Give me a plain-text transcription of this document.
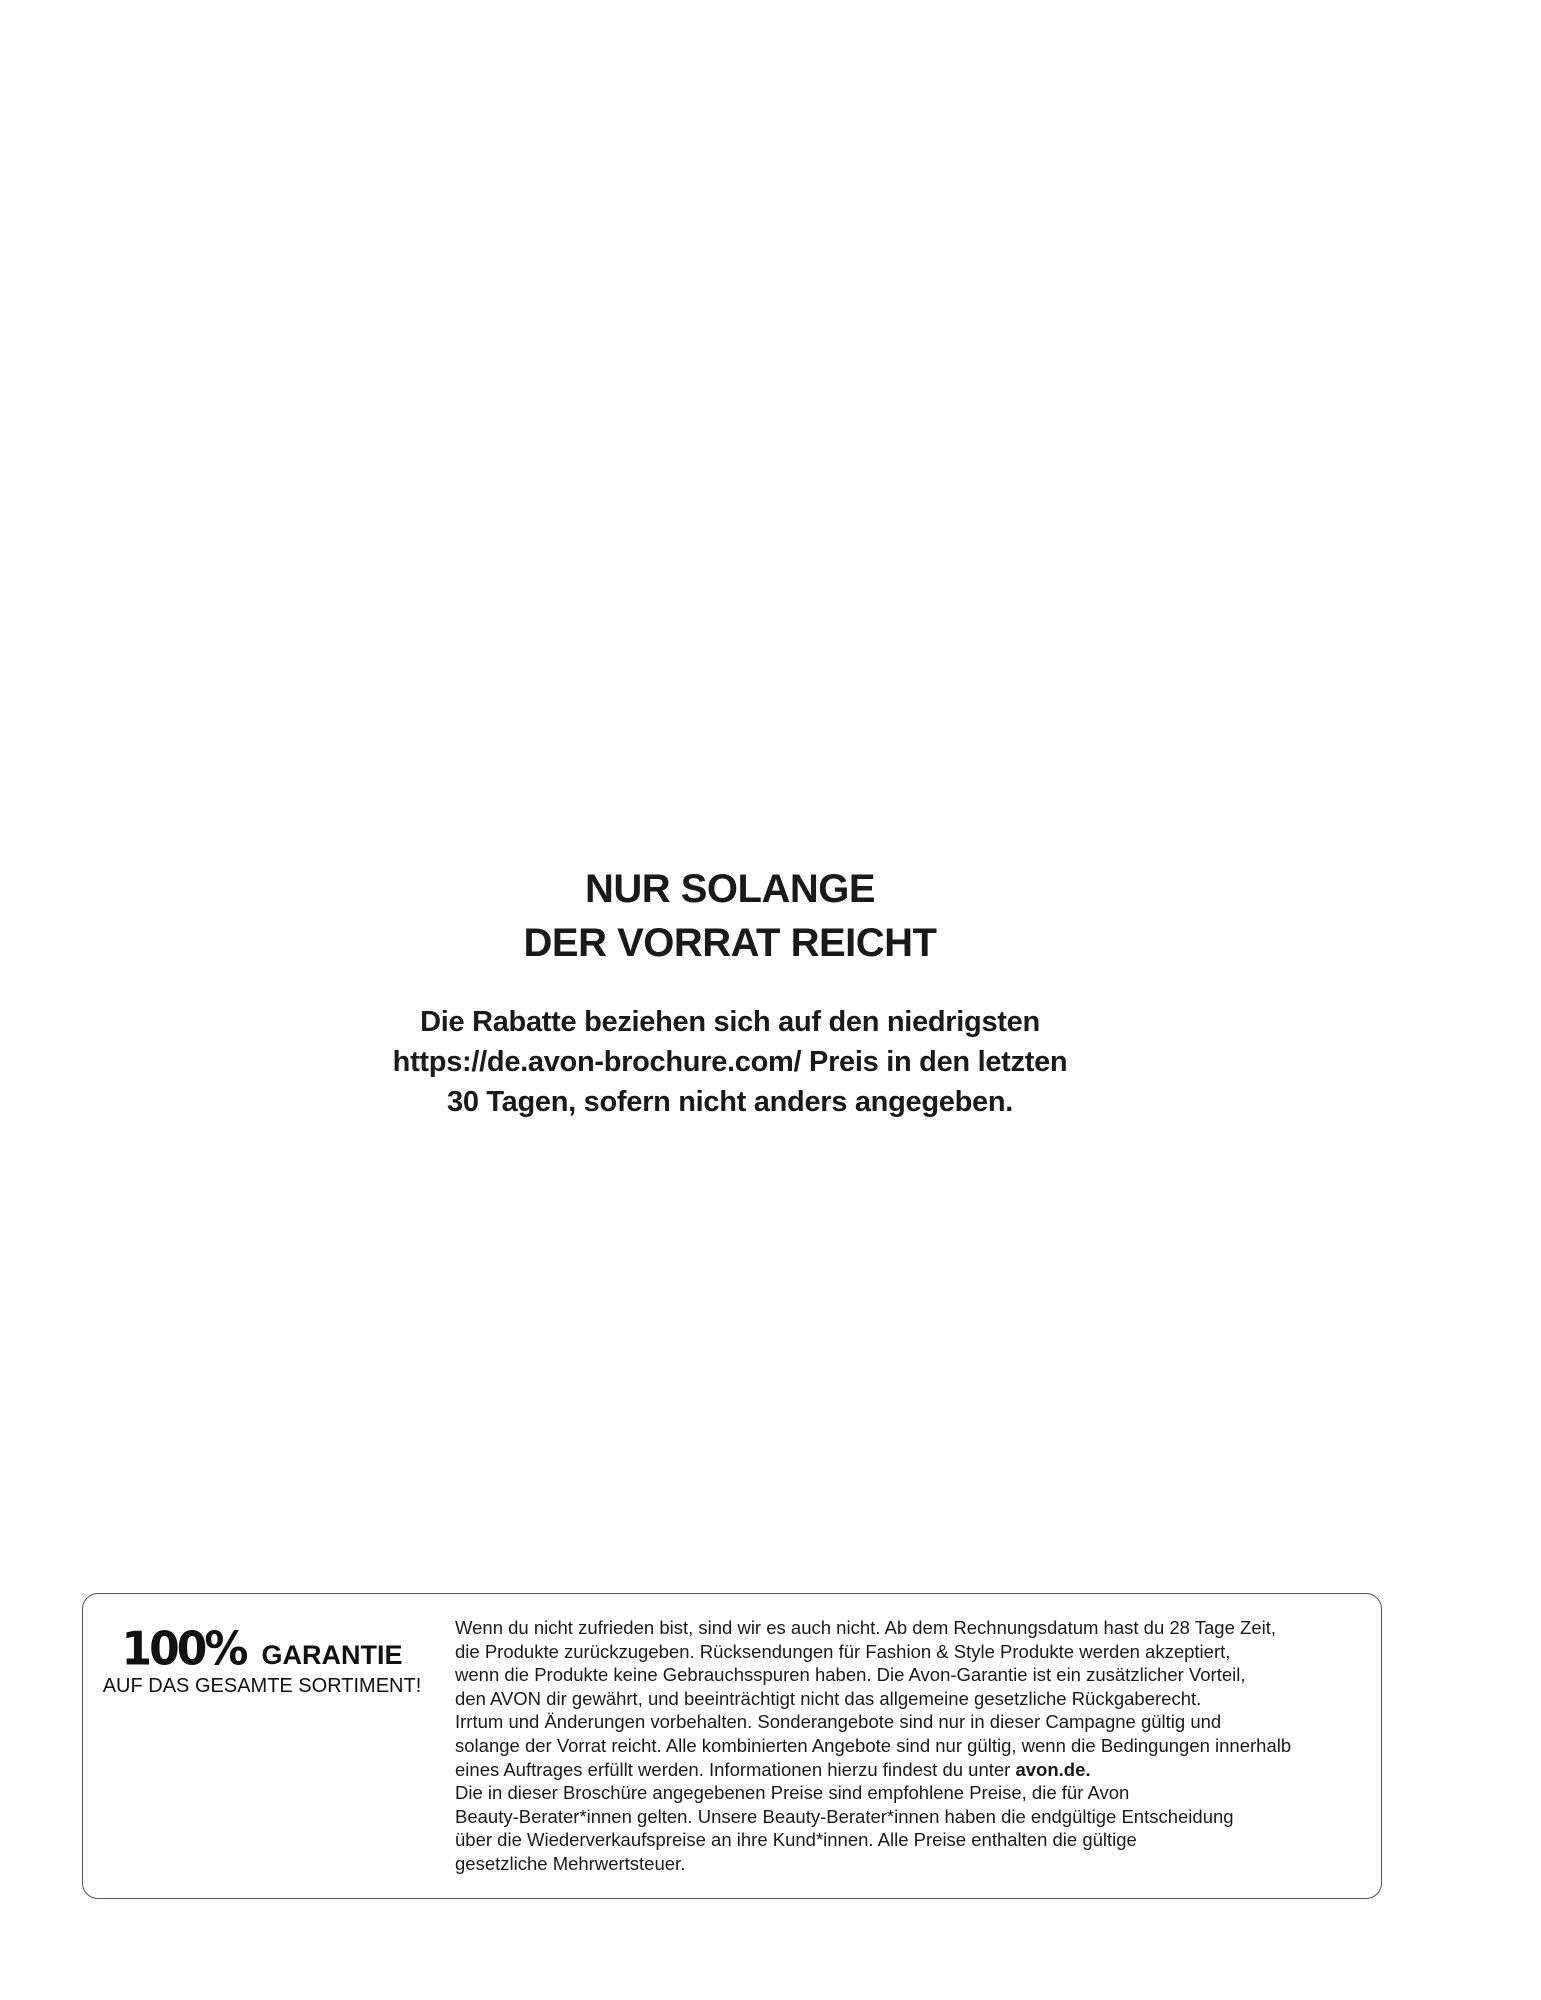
NUR SOLANGE
DER VORRAT REICHT
Die Rabatte beziehen sich auf den niedrigsten
https://de.avon-brochure.com/ Preis in den letzten
30 Tagen, sofern nicht anders angegeben.
100% GARANTIE
AUF DAS GESAMTE SORTIMENT!
Wenn du nicht zufrieden bist, sind wir es auch nicht. Ab dem Rechnungsdatum hast du 28 Tage Zeit,
die Produkte zurückzugeben. Rücksendungen für Fashion & Style Produkte werden akzeptiert,
wenn die Produkte keine Gebrauchsspuren haben. Die Avon-Garantie ist ein zusätzlicher Vorteil,
den AVON dir gewährt, und beeinträchtigt nicht das allgemeine gesetzliche Rückgaberecht.
Irrtum und Änderungen vorbehalten. Sonderangebote sind nur in dieser Campagne gültig und
solange der Vorrat reicht. Alle kombinierten Angebote sind nur gültig, wenn die Bedingungen innerhalb
eines Auftrages erfüllt werden. Informationen hierzu findest du unter avon.de.
Die in dieser Broschüre angegebenen Preise sind empfohlene Preise, die für Avon
Beauty-Berater*innen gelten. Unsere Beauty-Berater*innen haben die endgültige Entscheidung
über die Wiederverkaufspreise an ihre Kund*innen. Alle Preise enthalten die gültige
gesetzliche Mehrwertsteuer.
